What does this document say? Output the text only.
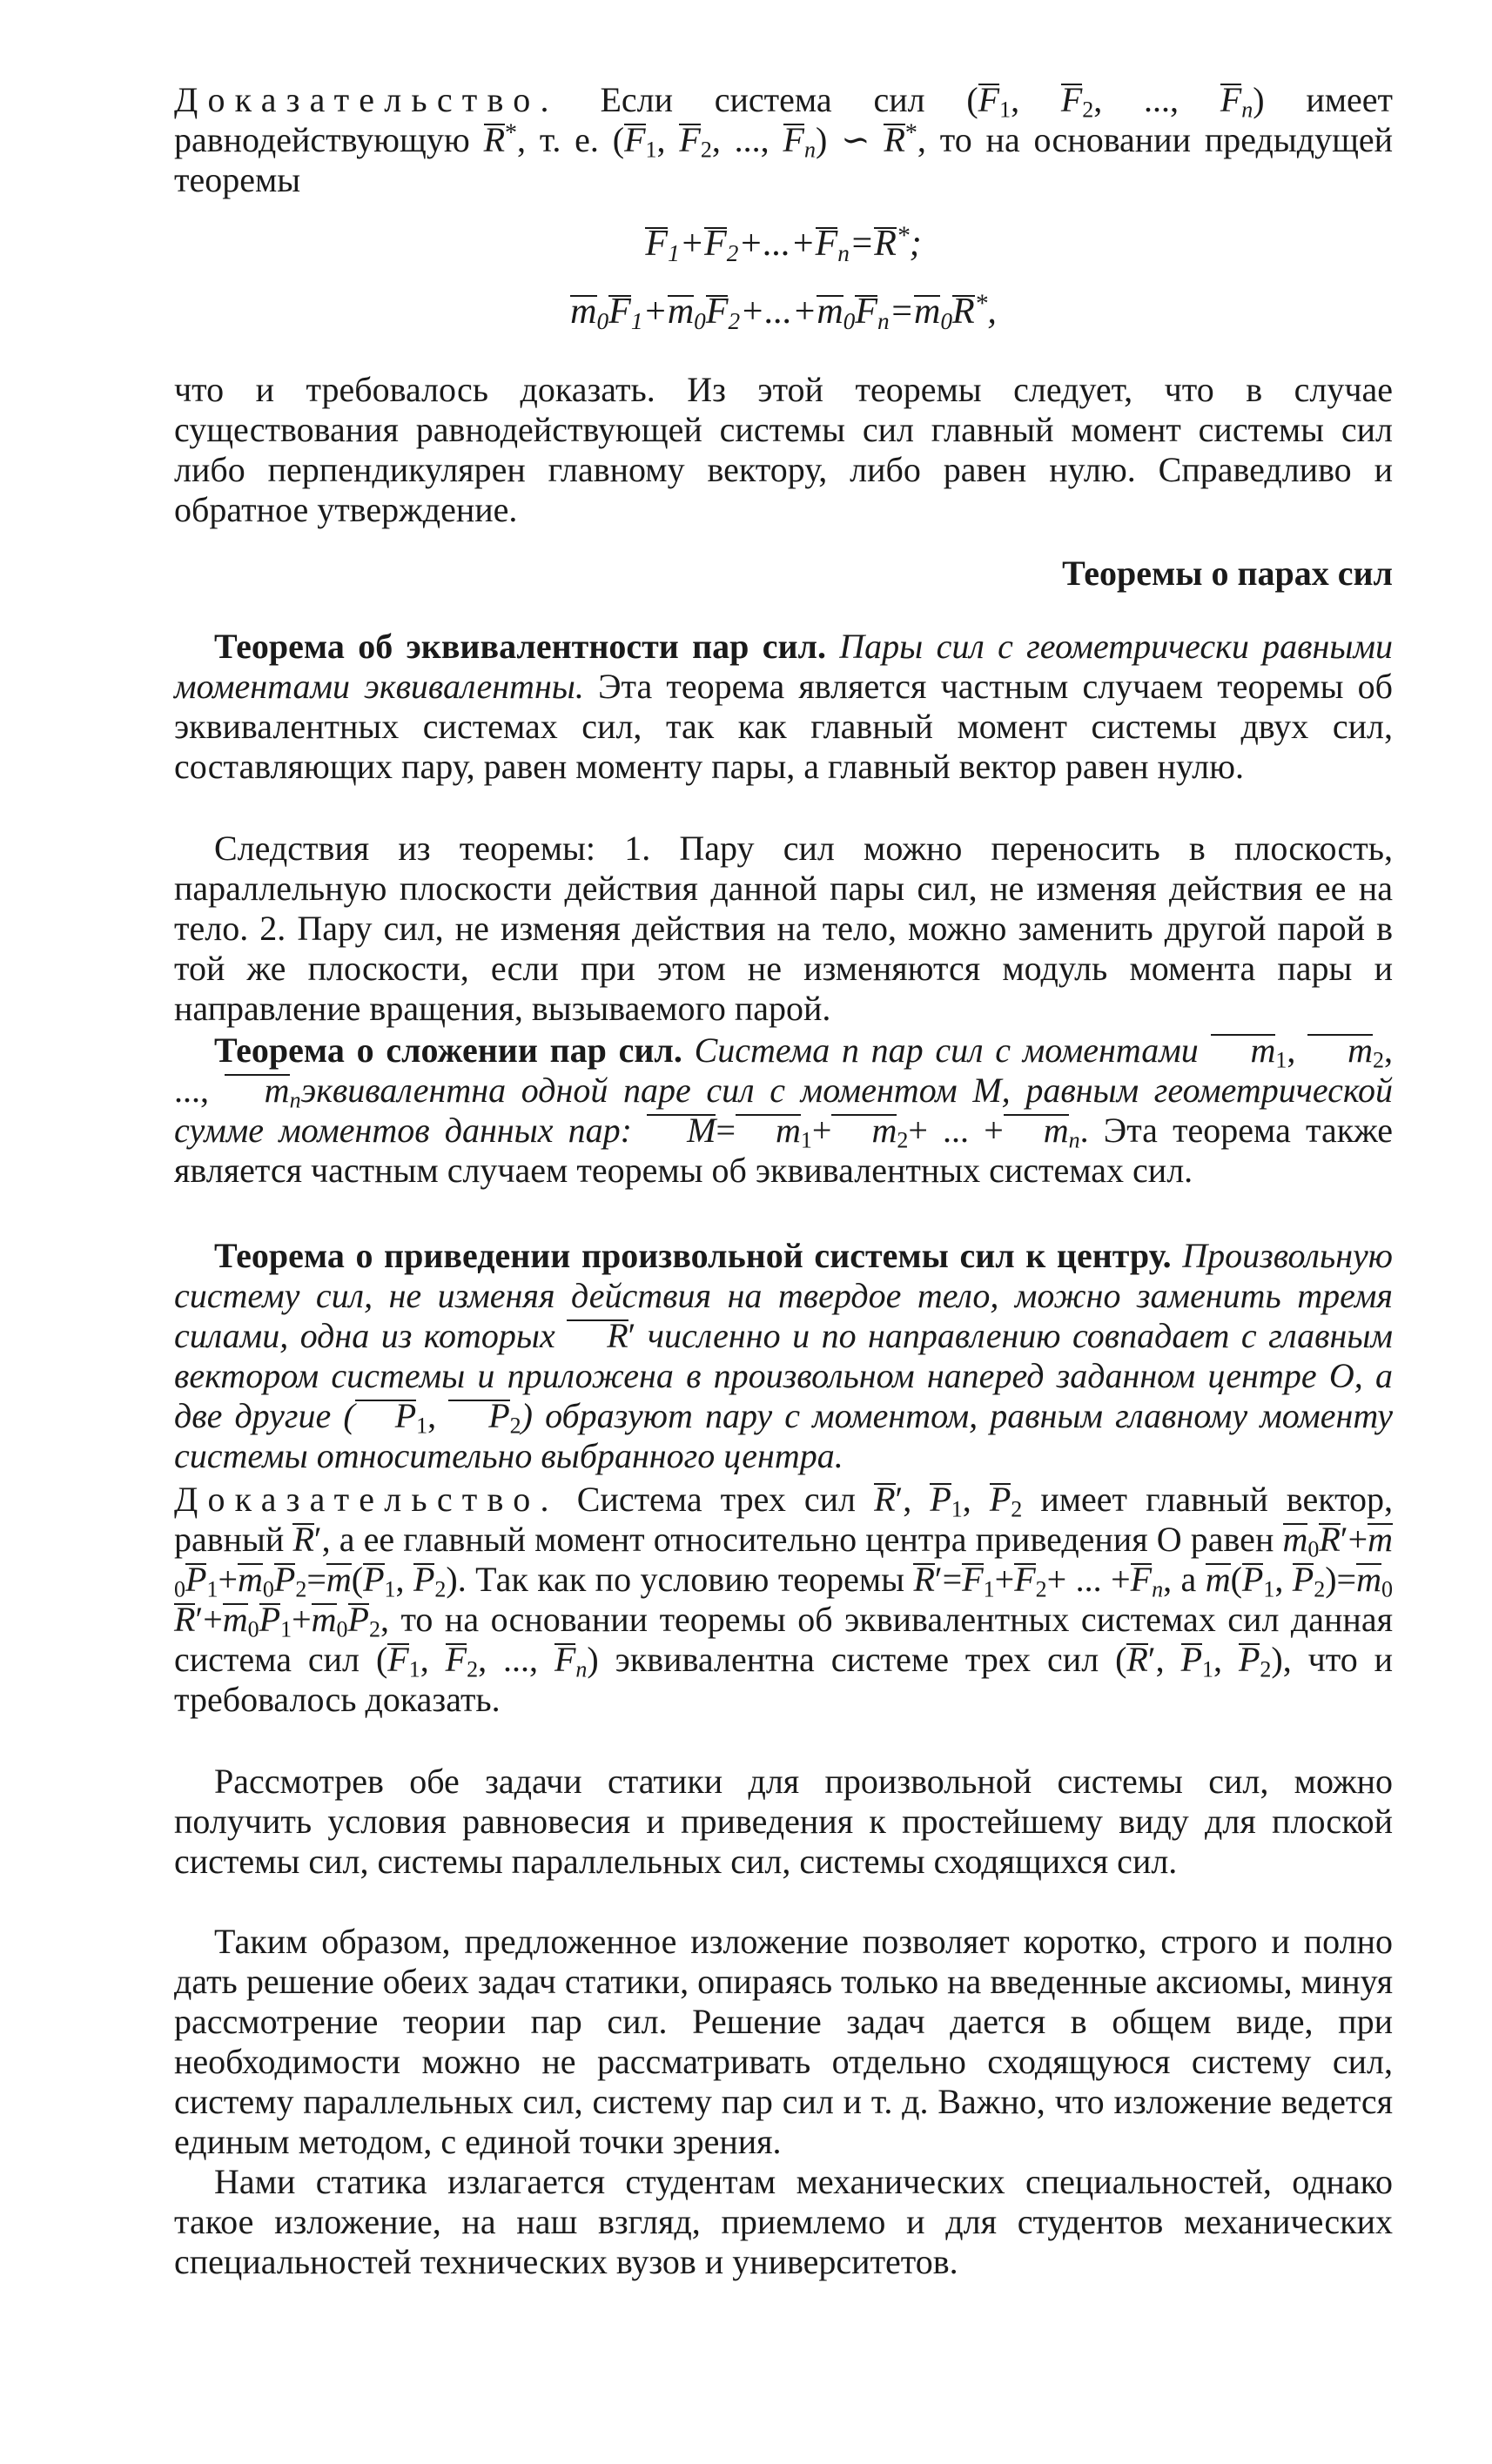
Доказательство. Если система сил ($F_1$, $F_2$, ..., $F_n$) имеет равнодействующую R*, т. е. ($F_1$, $F_2$, ..., $F_n$) ∽ R*, то на основании предыдущей теоремы

$F_1+F_2+...+F_n=R^*$;
$m_0F_1+m_0F_2+...+m_0F_n=m_0R^*$,

что и требовалось доказать. Из этой теоремы следует, что в случае существования равнодействующей системы сил главный момент системы сил либо перпендикулярен главному вектору, либо равен нулю. Справедливо и обратное утверждение.

Теоремы о парах сил

Теорема об эквивалентности пар сил. Пары сил с геометрически равными моментами эквивалентны. Эта теорема является частным случаем теоремы об эквивалентных системах сил, так как главный момент системы двух сил, составляющих пару, равен моменту пары, а главный вектор равен нулю.

Следствия из теоремы: 1. Пару сил можно переносить в плоскость, параллельную плоскости действия данной пары сил, не изменяя действия ее на тело. 2. Пару сил, не изменяя действия на тело, можно заменить другой парой в той же плоскости, если при этом не изменяются модуль момента пары и направление вращения, вызываемого парой.

Теорема о сложении пар сил. Система n пар сил с моментами $m_1$, $m_2$, ..., $m_nэквивалентна$ одной паре сил с моментом M, равным геометрической сумме моментов данных пар: $M= m_1+ m_2+$ ... + $m_n$. Эта теорема также является частным случаем теоремы об эквивалентных системах сил.

Теорема о приведении произвольной системы сил к центру. Произвольную систему сил, не изменяя действия на твердое тело, можно заменить тремя силами, одна из которых R′ численно и по направлению совпадает с главным вектором системы и приложена в произвольном наперед заданном центре O, а две другие ( $P_1$, $P_2$) образуют пару с моментом, равным главному моменту системы относительно выбранного центра.

Доказательство. Система трех сил R′, $P_1$, $P_2$ имеет главный вектор, равный R′, а ее главный момент относительно центра приведения O равен $m_0R'+m_0P_1+m_0P_2=m(P_1$, $P_2$). Так как по условию теоремы $R'=F_1+F_2+$ ... $+F_n$, а $m(P_1$, $P_2)=m_0R'+m_0P_1+m_0P_2$, то на основании теоремы об эквивалентных системах сил данная система сил ($F_1$, $F_2$, ..., $F_n$) эквивалентна системе трех сил (R′, $P_1$, $P_2$), что и требовалось доказать.

Рассмотрев обе задачи статики для произвольной системы сил, можно получить условия равновесия и приведения к простейшему виду для плоской системы сил, системы параллельных сил, системы сходящихся сил.

Таким образом, предложенное изложение позволяет коротко, строго и полно дать решение обеих задач статики, опираясь только на введенные аксиомы, минуя рассмотрение теории пар сил. Решение задач дается в общем виде, при необходимости можно не рассматривать отдельно сходящуюся систему сил, систему параллельных сил, систему пар сил и т. д. Важно, что изложение ведется единым методом, с единой точки зрения.

Нами статика излагается студентам механических специальностей, однако такое изложение, на наш взгляд, приемлемо и для студентов механических специальностей технических вузов и университетов.
